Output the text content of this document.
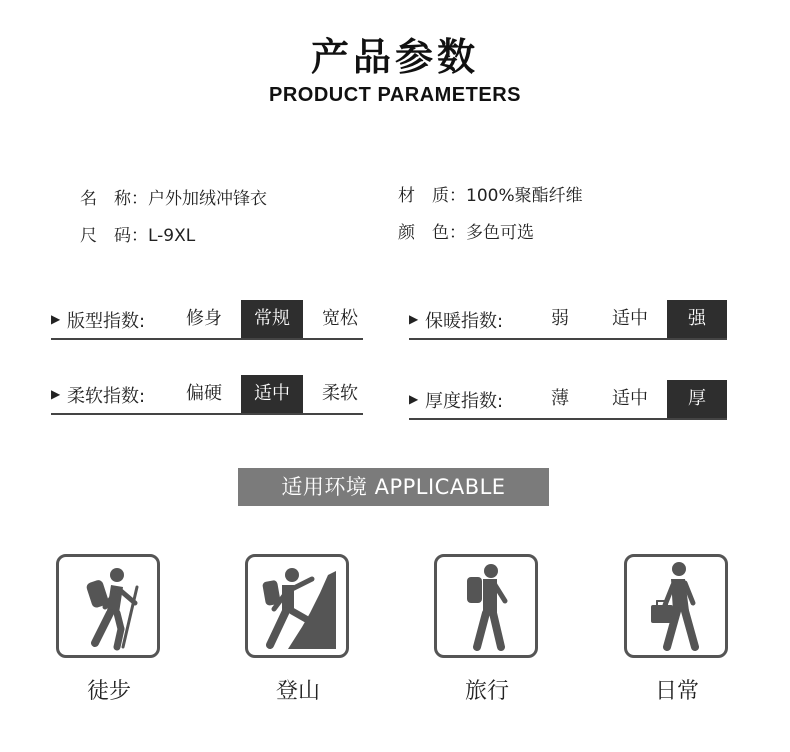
产品参数
PRODUCT PARAMETERS
名　称：户外加绒冲锋衣	材　质：100%聚酯纤维
尺　码：L-9XL	颜　色：多色可选
▶ 版型指数:	修身	常规	宽松	▶ 保暖指数:	弱	适中	强
▶ 柔软指数:	偏硬	适中	柔软	▶ 厚度指数:	薄	适中	厚
适用环境 APPLICABLE
徒步	登山	旅行	日常
